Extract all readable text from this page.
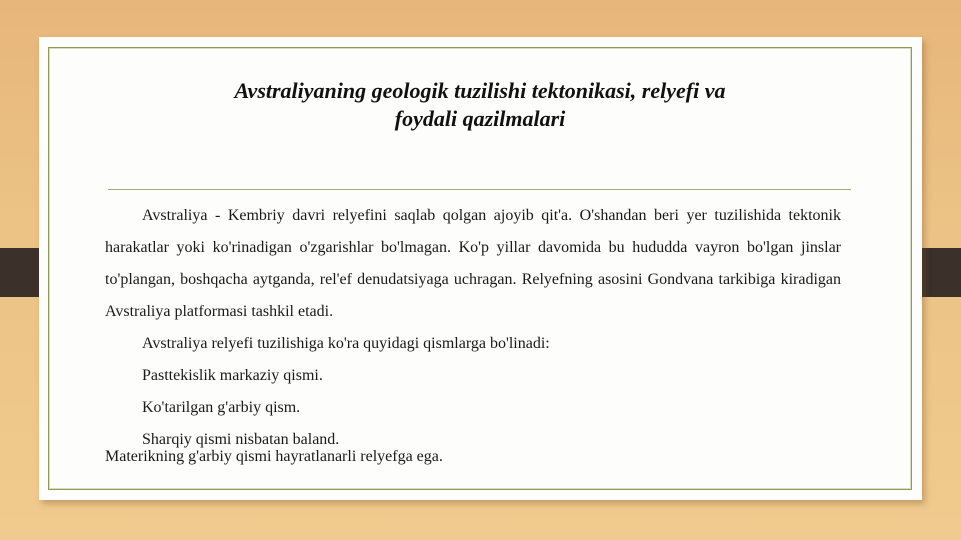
Avstraliyaning geologik tuzilishi tektonikasi, relyefi va
foydali qazilmalari

Avstraliya - Kembriy davri relyefini saqlab qolgan ajoyib qit'a. O'shandan beri yer tuzilishida tektonik harakatlar yoki ko'rinadigan o'zgarishlar bo'lmagan. Ko'p yillar davomida bu hududda vayron bo'lgan jinslar to'plangan, boshqacha aytganda, rel'ef denudatsiyaga uchragan. Relyefning asosini Gondvana tarkibiga kiradigan Avstraliya platformasi tashkil etadi.

Avstraliya relyefi tuzilishiga ko'ra quyidagi qismlarga bo'linadi:

Pasttekislik markaziy qismi.

Ko'tarilgan g'arbiy qism.

Sharqiy qismi nisbatan baland.

Materikning g'arbiy qismi hayratlanarli relyefga ega.
